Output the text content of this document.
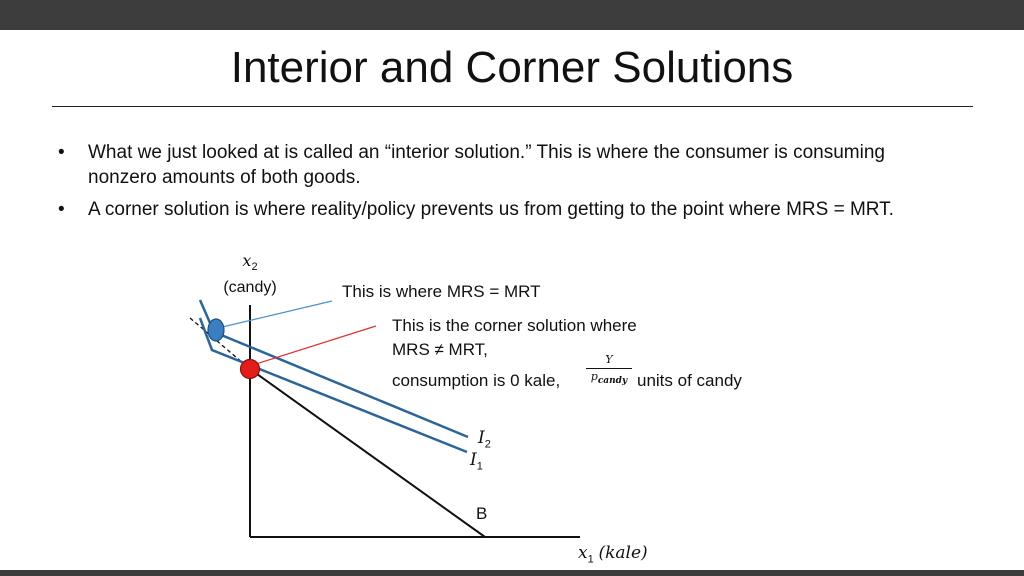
Interior and Corner Solutions
• What we just looked at is called an “interior solution.” This is where the consumer is consuming nonzero amounts of both goods.
• A corner solution is where reality/policy prevents us from getting to the point where MRS = MRT.
$x_2$
(candy)
$x_1$ (kale)
This is where MRS = MRT
This is the corner solution where
MRS ≠ MRT,
consumption is 0 kale,
Y
$p_{candy}$ units of candy
$I_2$
$I_1$
B
